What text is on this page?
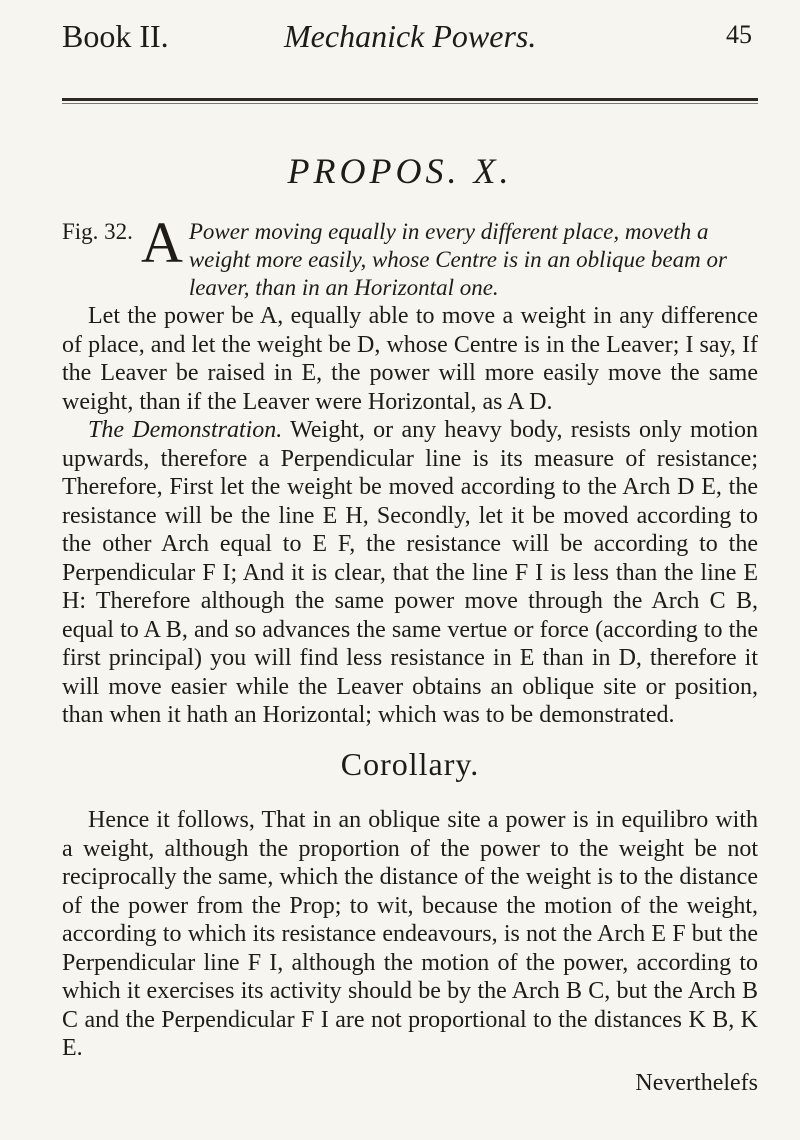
Book II.	Mechanick Powers.	45
PROPOS. X.
Fig. 32. A Power moving equally in every different place, moveth a weight more easily, whose Centre is in an oblique beam or leaver, than in an Horizontal one.

Let the power be A, equally able to move a weight in any difference of place, and let the weight be D, whose Centre is in the Leaver; I say, If the Leaver be raised in E, the power will more easily move the same weight, than if the Leaver were Horizontal, as A D.

The Demonstration. Weight, or any heavy body, resists only motion upwards, therefore a Perpendicular line is its measure of resistance; Therefore, First let the weight be moved according to the Arch D E, the resistance will be the line E H, Secondly, let it be moved according to the other Arch equal to E F, the resistance will be according to the Perpendicular F I; And it is clear, that the line F I is less than the line E H: Therefore although the same power move through the Arch C B, equal to A B, and so advances the same vertue or force (according to the first principal) you will find less resistance in E than in D, therefore it will move easier while the Leaver obtains an oblique site or position, than when it hath an Horizontal; which was to be demonstrated.

Corollary.

Hence it follows, That in an oblique site a power is in equilibro with a weight, although the proportion of the power to the weight be not reciprocally the same, which the distance of the weight is to the distance of the power from the Prop; to wit, because the motion of the weight, according to which its resistance endeavours, is not the Arch E F but the Perpendicular line F I, although the motion of the power, according to which it exercises its activity should be by the Arch B C, but the Arch B C and the Perpendicular F I are not proportional to the distances K B, K E.

Neverthelefs
